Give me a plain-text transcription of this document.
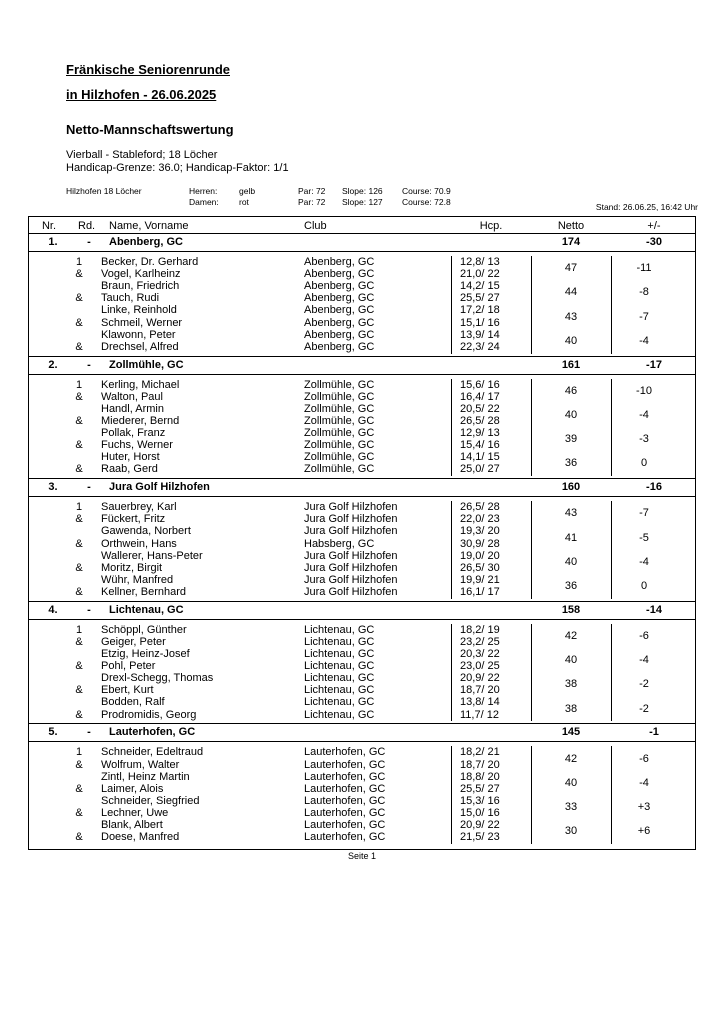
Fränkische Seniorenrunde
in Hilzhofen - 26.06.2025
Netto-Mannschaftswertung
Vierball - Stableford; 18 Löcher
Handicap-Grenze: 36.0; Handicap-Faktor: 1/1
Hilzhofen 18 Löcher	Herren:	gelb	Par: 72 Slope: 126 Course: 70.9
Damen: rot	Par: 72 Slope: 127 Course: 72.8	Stand: 26.06.25, 16:42 Uhr
Nr.	Rd. Name, Vorname	Club	Hcp.	Netto	+/-
1.	-	Abenberg, GC	174	-30
1	Becker, Dr. Gerhard	Abenberg, GC	12,8/ 13
&	Vogel, Karlheinz	Abenberg, GC	21,0/ 22	47	-11
Braun, Friedrich	Abenberg, GC	14,2/ 15
&	Tauch, Rudi	Abenberg, GC	25,5/ 27	44	-8
Linke, Reinhold	Abenberg, GC	17,2/ 18
&	Schmeil, Werner	Abenberg, GC	15,1/ 16	43	-7
Klawonn, Peter	Abenberg, GC	13,9/ 14
&	Drechsel, Alfred	Abenberg, GC	22,3/ 24	40	-4
2.	-	Zollmühle, GC	161	-17
1	Kerling, Michael	Zollmühle, GC	15,6/ 16
&	Walton, Paul	Zollmühle, GC	16,4/ 17	46	-10
Handl, Armin	Zollmühle, GC	20,5/ 22
&	Miederer, Bernd	Zollmühle, GC	26,5/ 28	40	-4
Pollak, Franz	Zollmühle, GC	12,9/ 13
&	Fuchs, Werner	Zollmühle, GC	15,4/ 16	39	-3
Huter, Horst	Zollmühle, GC	14,1/ 15
&	Raab, Gerd	Zollmühle, GC	25,0/ 27	36	0
3.	-	Jura Golf Hilzhofen	160	-16
1	Sauerbrey, Karl	Jura Golf Hilzhofen	26,5/ 28
&	Fückert, Fritz	Jura Golf Hilzhofen	22,0/ 23	43	-7
Gawenda, Norbert	Jura Golf Hilzhofen	19,3/ 20
&	Orthwein, Hans	Habsberg, GC	30,9/ 28	41	-5
Wallerer, Hans-Peter	Jura Golf Hilzhofen	19,0/ 20
&	Moritz, Birgit	Jura Golf Hilzhofen	26,5/ 30	40	-4
Wühr, Manfred	Jura Golf Hilzhofen	19,9/ 21
&	Kellner, Bernhard	Jura Golf Hilzhofen	16,1/ 17	36	0
4.	-	Lichtenau, GC	158	-14
1	Schöppl, Günther	Lichtenau, GC	18,2/ 19
&	Geiger, Peter	Lichtenau, GC	23,2/ 25	42	-6
Etzig, Heinz-Josef	Lichtenau, GC	20,3/ 22
&	Pohl, Peter	Lichtenau, GC	23,0/ 25	40	-4
Drexl-Schegg, Thomas	Lichtenau, GC	20,9/ 22
&	Ebert, Kurt	Lichtenau, GC	18,7/ 20	38	-2
Bodden, Ralf	Lichtenau, GC	13,8/ 14
&	Prodromidis, Georg	Lichtenau, GC	11,7/ 12	38	-2
5.	-	Lauterhofen, GC	145	-1
1	Schneider, Edeltraud	Lauterhofen, GC	18,2/ 21
&	Wolfrum, Walter	Lauterhofen, GC	18,7/ 20	42	-6
Zintl, Heinz Martin	Lauterhofen, GC	18,8/ 20
&	Laimer, Alois	Lauterhofen, GC	25,5/ 27	40	-4
Schneider, Siegfried	Lauterhofen, GC	15,3/ 16
&	Lechner, Uwe	Lauterhofen, GC	15,0/ 16	33	+3
Blank, Albert	Lauterhofen, GC	20,9/ 22
&	Doese, Manfred	Lauterhofen, GC	21,5/ 23	30	+6
Seite 1
